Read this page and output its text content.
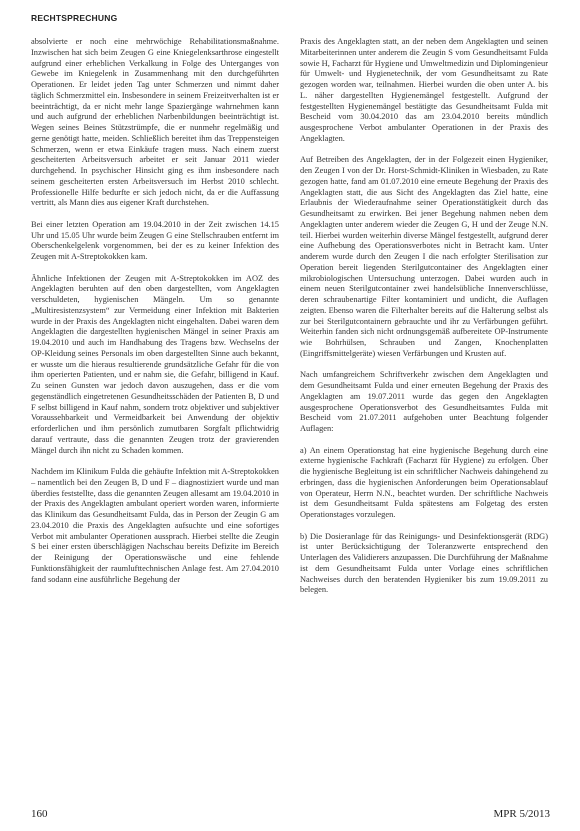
RECHTSPRECHUNG

absolvierte er noch eine mehrwöchige Rehabilitationsmaßnahme. Inzwischen hat sich beim Zeugen G eine Kniegelenksarthrose eingestellt aufgrund einer erheblichen Verkalkung in Folge des Unterganges von Gewebe im Kniegelenk in Zusammenhang mit den durchgeführten Operationen. Er leidet jeden Tag unter Schmerzen und nimmt daher täglich Schmerzmittel ein. Insbesondere in seinem Freizeitverhalten ist er beeinträchtigt, da er nicht mehr lange Spaziergänge wahrnehmen kann und auch aufgrund der erheblichen Narbenbildungen beeinträchtigt ist. Wegen seines Beines Stützstrümpfe, die er nunmehr regelmäßig und gerne genötigt hatte, meiden. Schließlich bereitet ihm das Treppensteigen Schmerzen, wenn er etwa Einkäufe tragen muss. Nach einem zuerst gescheiterten Arbeitsversuch arbeitet er seit Januar 2011 wieder durchgehend. In psychischer Hinsicht ging es ihm insbesondere nach seinem gescheiterten ersten Arbeitsversuch im Herbst 2010 schlecht. Professionelle Hilfe bedurfte er sich jedoch nicht, da er die Auffassung vertritt, als Mann dies aus eigener Kraft durchstehen.

Bei einer letzten Operation am 19.04.2010 in der Zeit zwischen 14.15 Uhr und 15.05 Uhr wurde beim Zeugen G eine Stellschrauben entfernt im Oberschenkelgelenk vorgenommen, bei der es zu keiner Infektion des Zeugen mit A-Streptokokken kam.

Ähnliche Infektionen der Zeugen mit A-Streptokokken im AOZ des Angeklagten beruhten auf den oben dargestellten, vom Angeklagten verschuldeten, hygienischen Mängeln. Um so genannte „Multiresistenzsystem“ zur Vermeidung einer Infektion mit Bakterien wurde in der Praxis des Angeklagten nicht eingehalten. Dabei waren dem Angeklagten die dargestellten hygienischen Mängel in seiner Praxis am 19.04.2010 und auch im Handhabung des Tragens bzw. Wechselns der OP-Kleidung seines Personals im oben dargestellten Sinne auch bekannt, er wusste um die hieraus resultierende grundsätzliche Gefahr für die von ihm operierten Patienten, und er nahm sie, die Gefahr, billigend in Kauf. Zu seinen Gunsten war jedoch davon auszugehen, dass er die vom gegenständlich eingetretenen Gesundheitsschäden der Patienten B, D und F selbst billigend in Kauf nahm, sondern trotz objektiver und subjektiver Voraussehbarkeit und Vermeidbarkeit bei Anwendung der objektiv erforderlichen und ihm persönlich zumutbaren Sorgfalt pflichtwidrig darauf vertraute, dass die genannten Zeugen trotz der gravierenden Mängel durch ihn nicht zu Schaden kommen.

Nachdem im Klinikum Fulda die gehäufte Infektion mit A-Streptokokken – namentlich bei den Zeugen B, D und F – diagnostiziert wurde und man überdies feststellte, dass die genannten Zeugen allesamt am 19.04.2010 in der Praxis des Angeklagten ambulant operiert worden waren, informierte das Klinikum das Gesundheitsamt Fulda, das in Person der Zeugin G am 23.04.2010 die Praxis des Angeklagten aufsuchte und eine sofortiges Verbot mit ambulanter Operationen aussprach. Hierbei stellte die Zeugin S bei einer ersten überschlägigen Nachschau bereits Defizite im Bereich der Reinigung der Operationswäsche und eine fehlende Funktionsfähigkeit der raumlufttechnischen Anlage fest. Am 27.04.2010 fand sodann eine ausführliche Begehung der

Praxis des Angeklagten statt, an der neben dem Angeklagten und seinen Mitarbeiterinnen unter anderem die Zeugin S vom Gesundheitsamt Fulda sowie H, Facharzt für Hygiene und Umweltmedizin und Diplomingenieur für Umwelt- und Hygienetechnik, der vom Gesundheitsamt zu Rate gezogen worden war, teilnahmen. Hierbei wurden die oben unter A. bis L. näher dargestellten Hygienemängel festgestellt. Aufgrund der festgestellten Hygienemängel bestätigte das Gesundheitsamt Fulda mit Bescheid vom 30.04.2010 das am 23.04.2010 bereits mündlich ausgesprochene Verbot ambulanter Operationen in der Praxis des Angeklagten.

Auf Betreiben des Angeklagten, der in der Folgezeit einen Hygieniker, den Zeugen I von der Dr. Horst-Schmidt-Kliniken in Wiesbaden, zu Rate gezogen hatte, fand am 01.07.2010 eine erneute Begehung der Praxis des Angeklagten statt, die aus Sicht des Angeklagten das Ziel hatte, eine Erlaubnis der Wiederaufnahme seiner Operationstätigkeit durch das Gesundheitsamt zu erwirken. Bei jener Begehung nahmen neben dem Angeklagten unter anderem wieder die Zeugen G, H und der Zeuge N.N. teil. Hierbei wurden weiterhin diverse Mängel festgestellt, aufgrund derer eine Aufhebung des Operationsverbotes nicht in Betracht kam. Unter anderem wurde durch den Zeugen I die nach erfolgter Sterilisation zur Operation bereit liegenden Sterilgutcontainer des Angeklagten einer mikrobiologischen Untersuchung unterzogen. Dabei wurden auch in einem neuen Sterilgutcontainer zwei handelsübliche Innenverschlüsse, deren schraubenartige Filter kontaminiert und undicht, die Auflagen zeigten. Ebenso waren die Filterhalter bereits auf die Halterung selbst als zur bei Sterilgutcontainern gebrauchte und ihr zu Verfärbungen geführt. Weiterhin fanden sich nicht ordnungsgemäß aufbereitete OP-Instrumente wie Bohrhülsen, Schrauben und Zangen, Knochenplatten (Eingriffsmittelgeräte) wiesen Verfärbungen und Krusten auf.

Nach umfangreichem Schriftverkehr zwischen dem Angeklagten und dem Gesundheitsamt Fulda und einer erneuten Begehung der Praxis des Angeklagten am 19.07.2011 wurde das gegen den Angeklagten ausgesprochene Operationsverbot des Gesundheitsamtes Fulda mit Bescheid vom 21.07.2011 aufgehoben unter Beachtung folgender Auflagen:

a) An einem Operationstag hat eine hygienische Begehung durch eine externe hygienische Fachkraft (Facharzt für Hygiene) zu erfolgen. Über die hygienische Begleitung ist ein schriftlicher Nachweis dahingehend zu erbringen, dass die hygienischen Anforderungen beim Operationsablauf von Operateur, Herrn N.N., beachtet wurden. Der schriftliche Nachweis ist dem Gesundheitsamt Fulda spätestens am Folgetag des ersten Operationstages vorzulegen.

b) Die Dosieranlage für das Reinigungs- und Desinfektionsgerät (RDG) ist unter Berücksichtigung der Toleranzwerte entsprechend den Unterlagen des Validierers anzupassen. Die Durchführung der Maßnahme ist dem Gesundheitsamt Fulda unter Vorlage eines schriftlichen Nachweises durch den beratenden Hygieniker bis zum 19.09.2011 zu belegen.

160	MPR 5/2013
